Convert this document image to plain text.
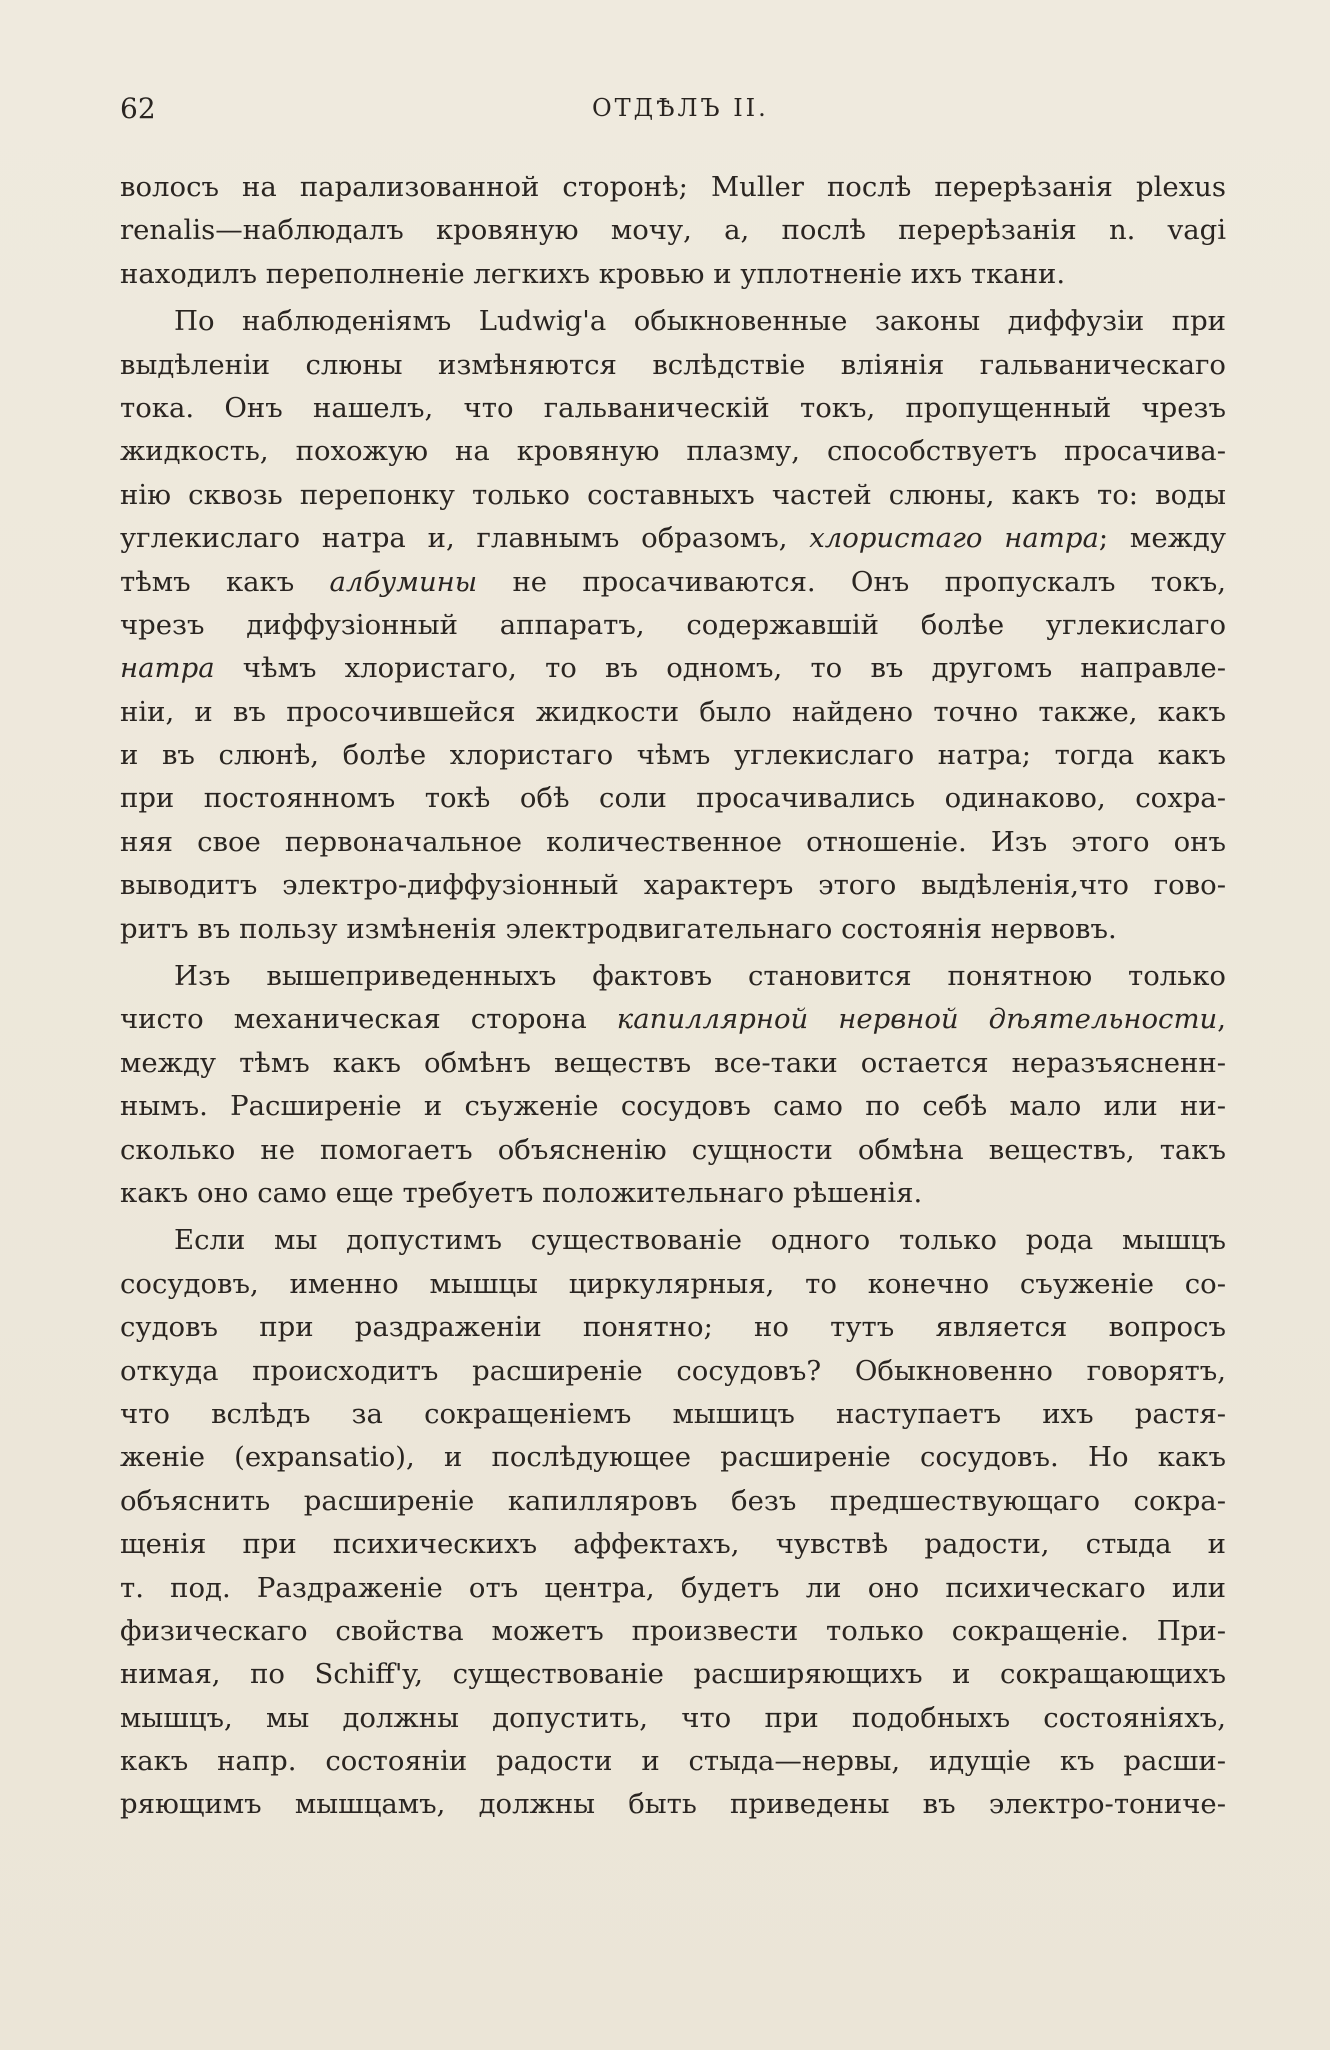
62	ОТДѢЛЪ II.
волосъ на парализованной сторонѣ; Muller послѣ перерѣзанія plexus
renalis—наблюдалъ кровяную мочу, а, послѣ перерѣзанія n. vagi
находилъ переполненіе легкихъ кровью и уплотненіе ихъ ткани.
По наблюденіямъ Ludwig'a обыкновенные законы диффузіи при
выдѣленіи слюны измѣняются вслѣдствіе вліянія гальваническаго
тока. Онъ нашелъ, что гальваническій токъ, пропущенный чрезъ
жидкость, похожую на кровяную плазму, способствуетъ просачива-
нію сквозь перепонку только составныхъ частей слюны, какъ то: воды
углекислаго натра и, главнымъ образомъ, хлористаго натра; между
тѣмъ какъ албумины не просачиваются. Онъ пропускалъ токъ,
чрезъ диффузіонный аппаратъ, содержавшій болѣе углекислаго
натра чѣмъ хлористаго, то въ одномъ, то въ другомъ направле-
ніи, и въ просочившейся жидкости было найдено точно также, какъ
и въ слюнѣ, болѣе хлористаго чѣмъ углекислаго натра; тогда какъ
при постоянномъ токѣ обѣ соли просачивались одинаково, сохра-
няя свое первоначальное количественное отношеніе. Изъ этого онъ
выводитъ электро-диффузіонный характеръ этого выдѣленія,что гово-
ритъ въ пользу измѣненія электродвигательнаго состоянія нервовъ.
Изъ вышеприведенныхъ фактовъ становится понятною только
чисто механическая сторона капиллярной нервной дѣятельности,
между тѣмъ какъ обмѣнъ веществъ все-таки остается неразъясненн-
нымъ. Расширеніе и съуженіе сосудовъ само по себѣ мало или ни-
сколько не помогаетъ объясненію сущности обмѣна веществъ, такъ
какъ оно само еще требуетъ положительнаго рѣшенія.
Если мы допустимъ существованіе одного только рода мышцъ
сосудовъ, именно мышцы циркулярныя, то конечно съуженіе со-
судовъ при раздраженіи понятно; но тутъ является вопросъ
откуда происходитъ расширеніе сосудовъ? Обыкновенно говорятъ,
что вслѣдъ за сокращеніемъ мышицъ наступаетъ ихъ растя-
женіе (expansatio), и послѣдующее расширеніе сосудовъ. Но какъ
объяснить расширеніе капилляровъ безъ предшествующаго сокра-
щенія при психическихъ аффектахъ, чувствѣ радости, стыда и
т. под. Раздраженіе отъ центра, будетъ ли оно психическаго или
физическаго свойства можетъ произвести только сокращеніе. При-
нимая, по Schiff'y, существованіе расширяющихъ и сокращающихъ
мышцъ, мы должны допустить, что при подобныхъ состояніяхъ,
какъ напр. состояніи радости и стыда—нервы, идущіе къ расши-
ряющимъ мышцамъ, должны быть приведены въ электро-тониче-
